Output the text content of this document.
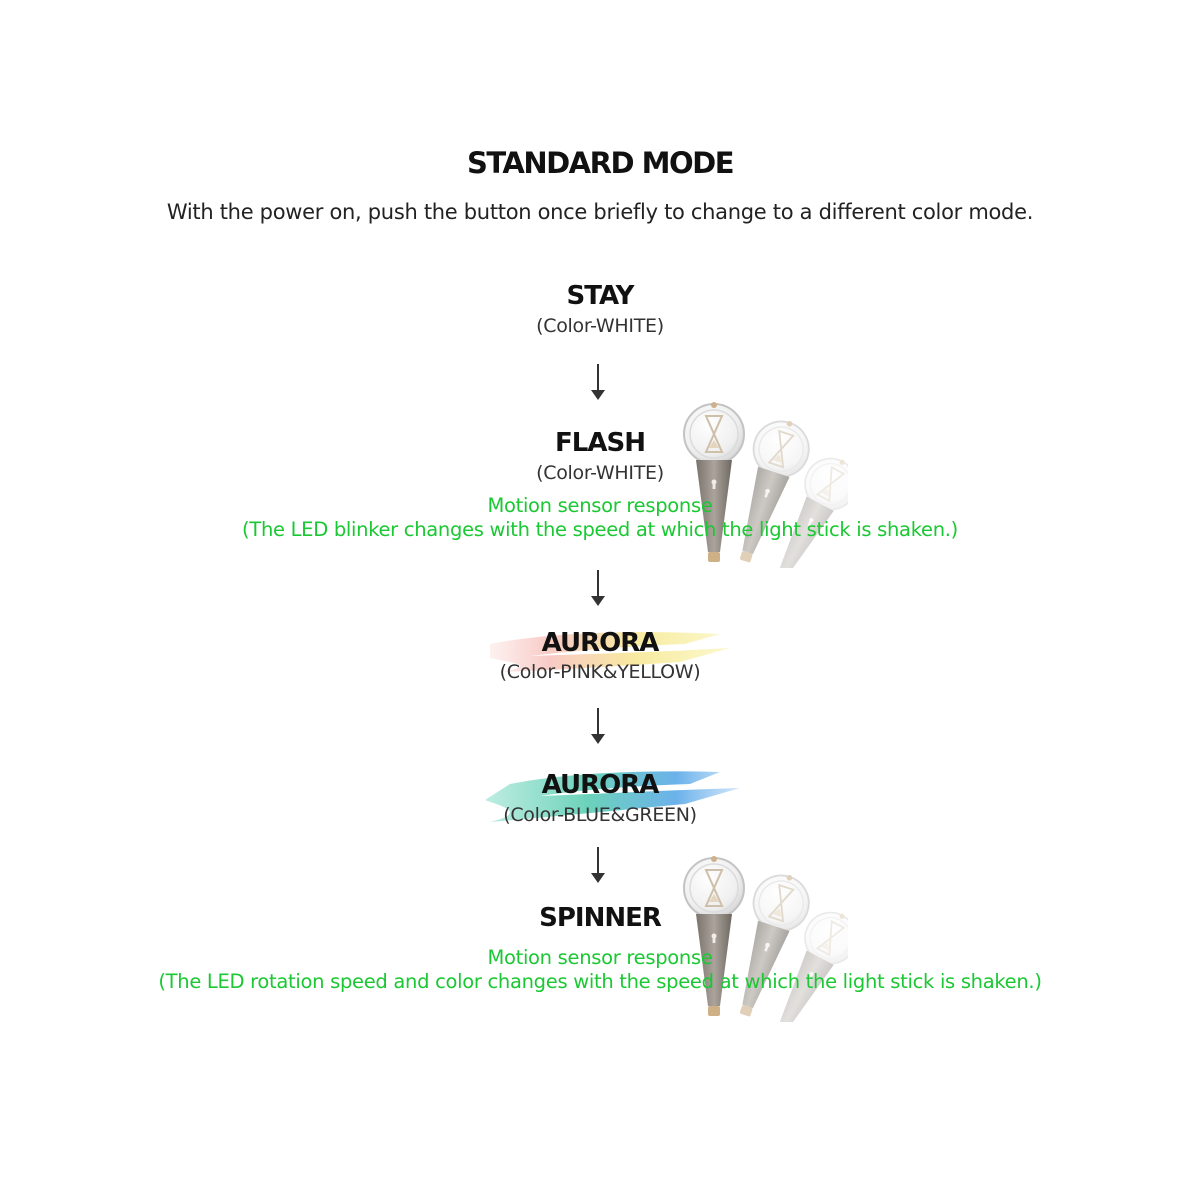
STANDARD MODE
With the power on, push the button once briefly to change to a different color mode.
STAY
(Color-WHITE)
FLASH
(Color-WHITE)
Motion sensor response
(The LED blinker changes with the speed at which the light stick is shaken.)
AURORA
(Color-PINK&YELLOW)
AURORA
(Color-BLUE&GREEN)
SPINNER
Motion sensor response
(The LED rotation speed and color changes with the speed at which the light stick is shaken.)
